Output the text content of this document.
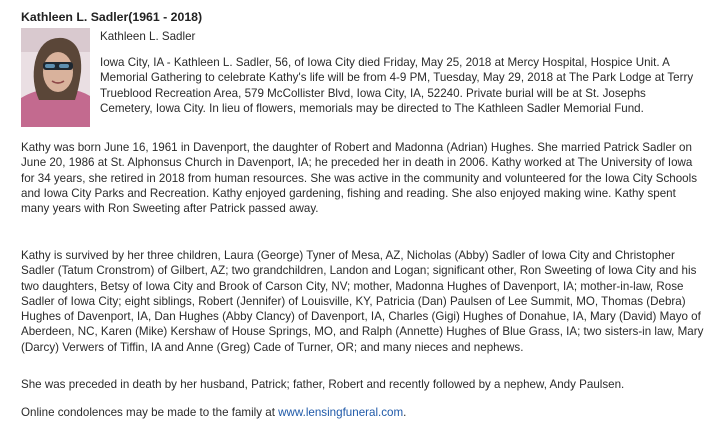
Kathleen L. Sadler(1961 - 2018)
Kathleen L. Sadler

Iowa City, IA - Kathleen L. Sadler, 56, of Iowa City died Friday, May 25, 2018 at Mercy Hospital, Hospice Unit. A Memorial Gathering to celebrate Kathy's life will be from 4-9 PM, Tuesday, May 29, 2018 at The Park Lodge at Terry Trueblood Recreation Area, 579 McCollister Blvd, Iowa City, IA, 52240. Private burial will be at St. Josephs Cemetery, Iowa City. In lieu of flowers, memorials may be directed to The Kathleen Sadler Memorial Fund.

Kathy was born June 16, 1961 in Davenport, the daughter of Robert and Madonna (Adrian) Hughes. She married Patrick Sadler on June 20, 1986 at St. Alphonsus Church in Davenport, IA; he preceded her in death in 2006. Kathy worked at The University of Iowa for 34 years, she retired in 2018 from human resources. She was active in the community and volunteered for the Iowa City Schools and Iowa City Parks and Recreation. Kathy enjoyed gardening, fishing and reading. She also enjoyed making wine. Kathy spent many years with Ron Sweeting after Patrick passed away.

Kathy is survived by her three children, Laura (George) Tyner of Mesa, AZ, Nicholas (Abby) Sadler of Iowa City and Christopher Sadler (Tatum Cronstrom) of Gilbert, AZ; two grandchildren, Landon and Logan; significant other, Ron Sweeting of Iowa City and his two daughters, Betsy of Iowa City and Brook of Carson City, NV; mother, Madonna Hughes of Davenport, IA; mother-in-law, Rose Sadler of Iowa City; eight siblings, Robert (Jennifer) of Louisville, KY, Patricia (Dan) Paulsen of Lee Summit, MO, Thomas (Debra) Hughes of Davenport, IA, Dan Hughes (Abby Clancy) of Davenport, IA, Charles (Gigi) Hughes of Donahue, IA, Mary (David) Mayo of Aberdeen, NC, Karen (Mike) Kershaw of House Springs, MO, and Ralph (Annette) Hughes of Blue Grass, IA; two sisters-in law, Mary (Darcy) Verwers of Tiffin, IA and Anne (Greg) Cade of Turner, OR; and many nieces and nephews.

She was preceded in death by her husband, Patrick; father, Robert and recently followed by a nephew, Andy Paulsen.

Online condolences may be made to the family at www.lensingfuneral.com.
